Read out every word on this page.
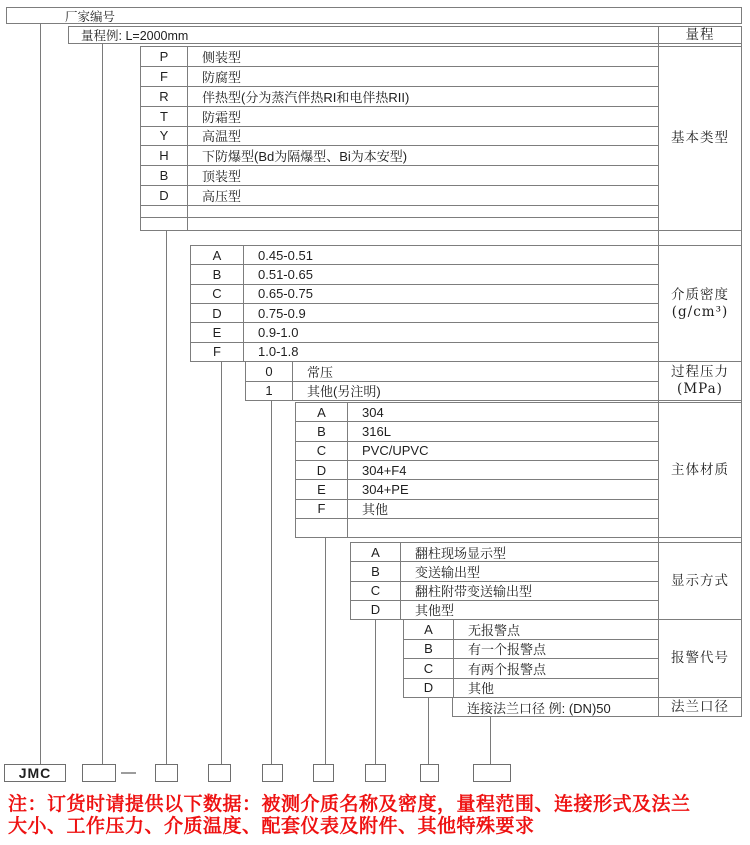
厂家编号
量程例: L=2000mm	量程
P	侧装型
F	防腐型
R	伴热型(分为蒸汽伴热RI和电伴热RII)
T	防霜型
Y	高温型
H	下防爆型(Bd为隔爆型、Bi为本安型)
B	顶装型
D	高压型
基本类型
A	0.45-0.51
B	0.51-0.65
C	0.65-0.75
D	0.75-0.9
E	0.9-1.0
F	1.0-1.8
介质密度
(g/cm³)
0	常压
1	其他(另注明)
过程压力
(MPa)
A	304
B	316L
C	PVC/UPVC
D	304+F4
E	304+PE
F	其他
主体材质
A	翻柱现场显示型
B	变送输出型
C	翻柱附带变送输出型
D	其他型
显示方式
A	无报警点
B	有一个报警点
C	有两个报警点
D	其他
报警代号
连接法兰口径 例: (DN)50	法兰口径
JMC	—
注：订货时请提供以下数据：被测介质名称及密度，量程范围、连接形式及法兰
大小、工作压力、介质温度、配套仪表及附件、其他特殊要求
